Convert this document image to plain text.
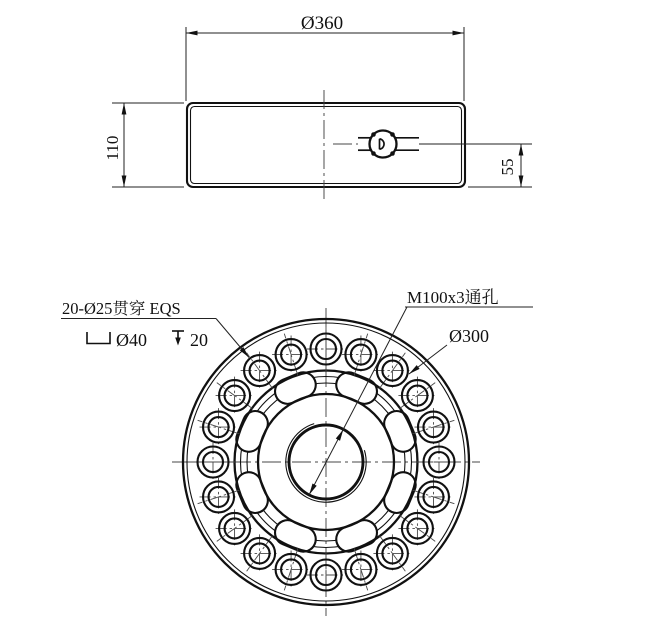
Ø360
110
55
M100x3通孔
Ø300
20-Ø25贯穿 EQS
Ø40 20
